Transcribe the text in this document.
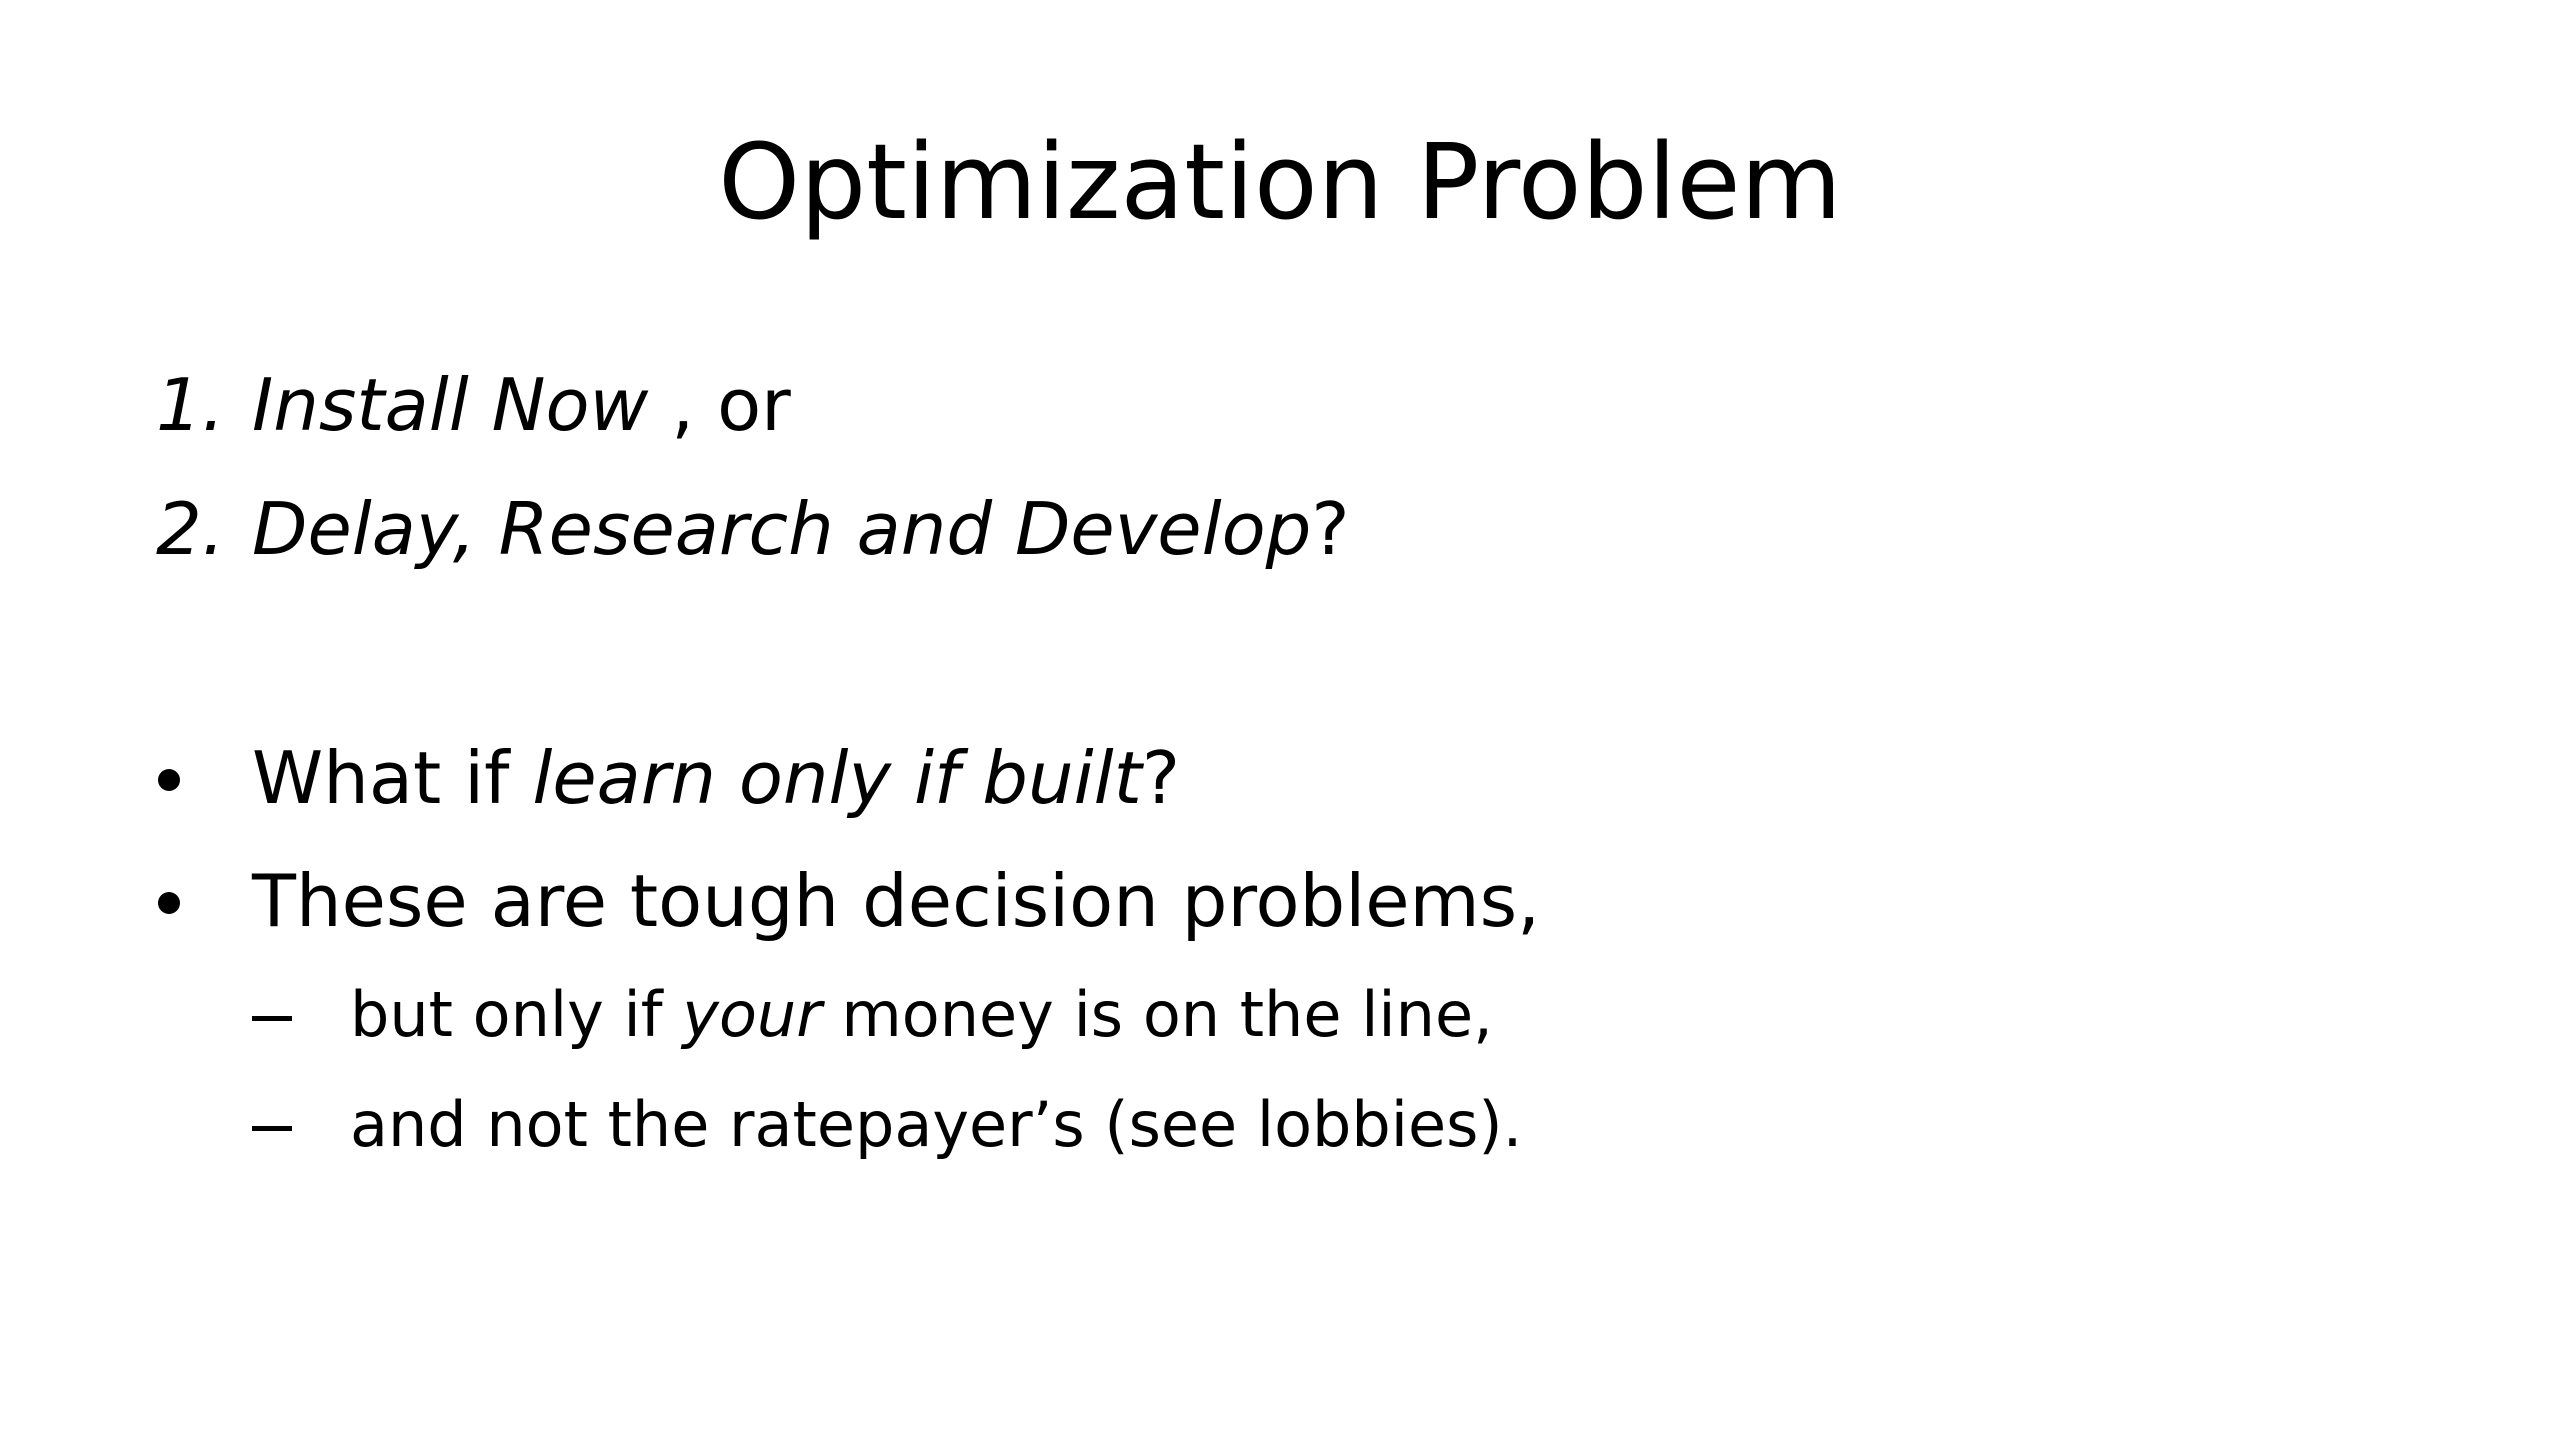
Optimization Problem
1. Install Now , or
2. Delay, Research and Develop?
What if learn only if built?
These are tough decision problems,
but only if your money is on the line,
and not the ratepayer’s (see lobbies).
